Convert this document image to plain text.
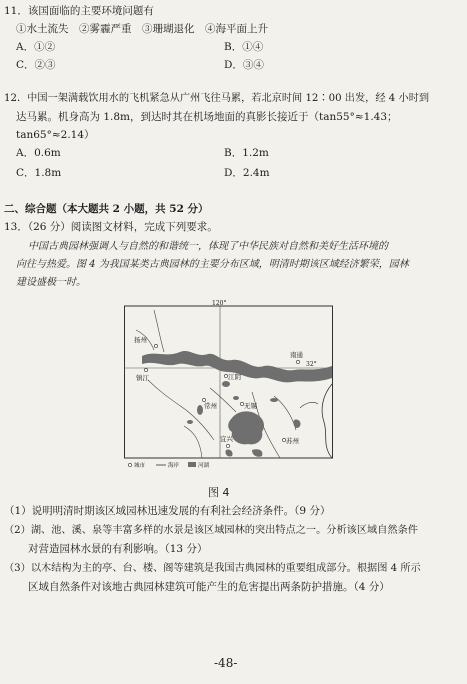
11．该国面临的主要环境问题有
①水土流失　②雾霾严重　③珊瑚退化　④海平面上升
A．①②	B．①④
C．②③	D．③④
12．中国一架满载饮用水的飞机紧急从广州飞往马累，若北京时间 12∶00 出发，经 4 小时到
达马累。机身高为 1.8m，到达时其在机场地面的真影长接近于（tan55°≈1.43；
tan65°≈2.14）
A．0.6m	B．1.2m
C．1.8m	D．2.4m
二、综合题（本大题共 2 小题，共 52 分）
13．（26 分）阅读图文材料，完成下列要求。
中国古典园林强调人与自然的和谐统一，体现了中华民族对自然和美好生活环境的
向往与热爱。图 4 为我国某类古典园林的主要分布区域，明清时期该区域经济繁荣，园林
建设盛极一时。
120°
32°
扬州
镇江	江阴
常州	无锡
南通
宜兴	苏州
城市	海岸	河湖
图 4
（1）说明明清时期该区域园林迅速发展的有利社会经济条件。（9 分）
（2）湖、池、溪、泉等丰富多样的水景是该区域园林的突出特点之一。分析该区域自然条件
对营造园林水景的有利影响。（13 分）
（3）以木结构为主的亭、台、楼、阁等建筑是我国古典园林的重要组成部分。根据图 4 所示
区域自然条件对该地古典园林建筑可能产生的危害提出两条防护措施。（4 分）
-48-
